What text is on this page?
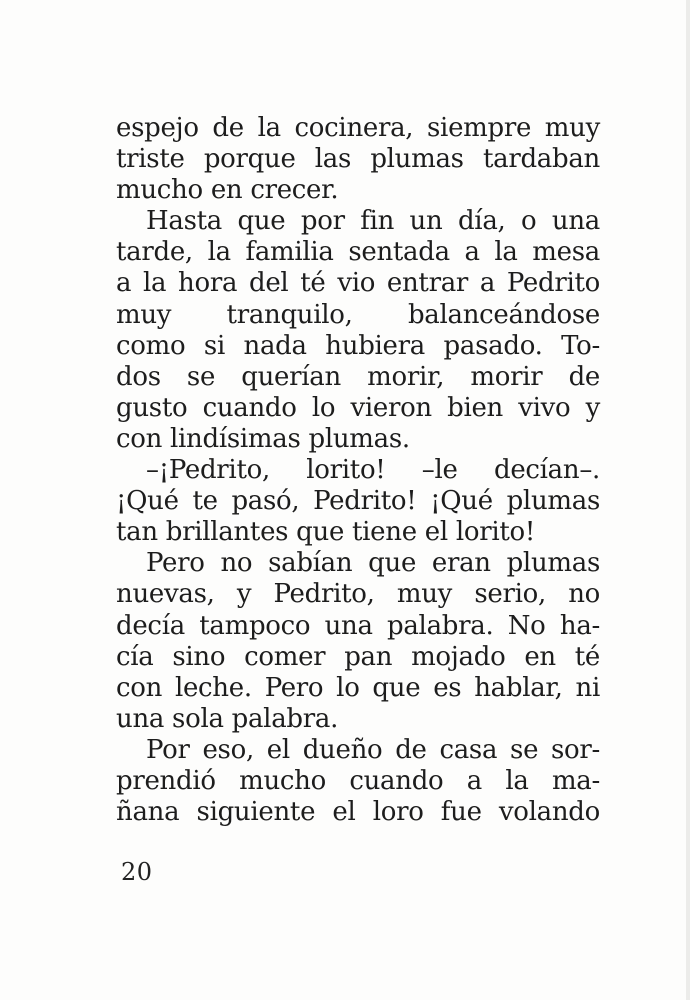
espejo de la cocinera, siempre muy
triste porque las plumas tardaban
mucho en crecer.
Hasta que por fin un día, o una
tarde, la familia sentada a la mesa
a la hora del té vio entrar a Pedrito
muy tranquilo, balanceándose
como si nada hubiera pasado. To-
dos se querían morir, morir de
gusto cuando lo vieron bien vivo y
con lindísimas plumas.
–¡Pedrito, lorito! –le decían–.
¡Qué te pasó, Pedrito! ¡Qué plumas
tan brillantes que tiene el lorito!
Pero no sabían que eran plumas
nuevas, y Pedrito, muy serio, no
decía tampoco una palabra. No ha-
cía sino comer pan mojado en té
con leche. Pero lo que es hablar, ni
una sola palabra.
Por eso, el dueño de casa se sor-
prendió mucho cuando a la ma-
ñana siguiente el loro fue volando
20
